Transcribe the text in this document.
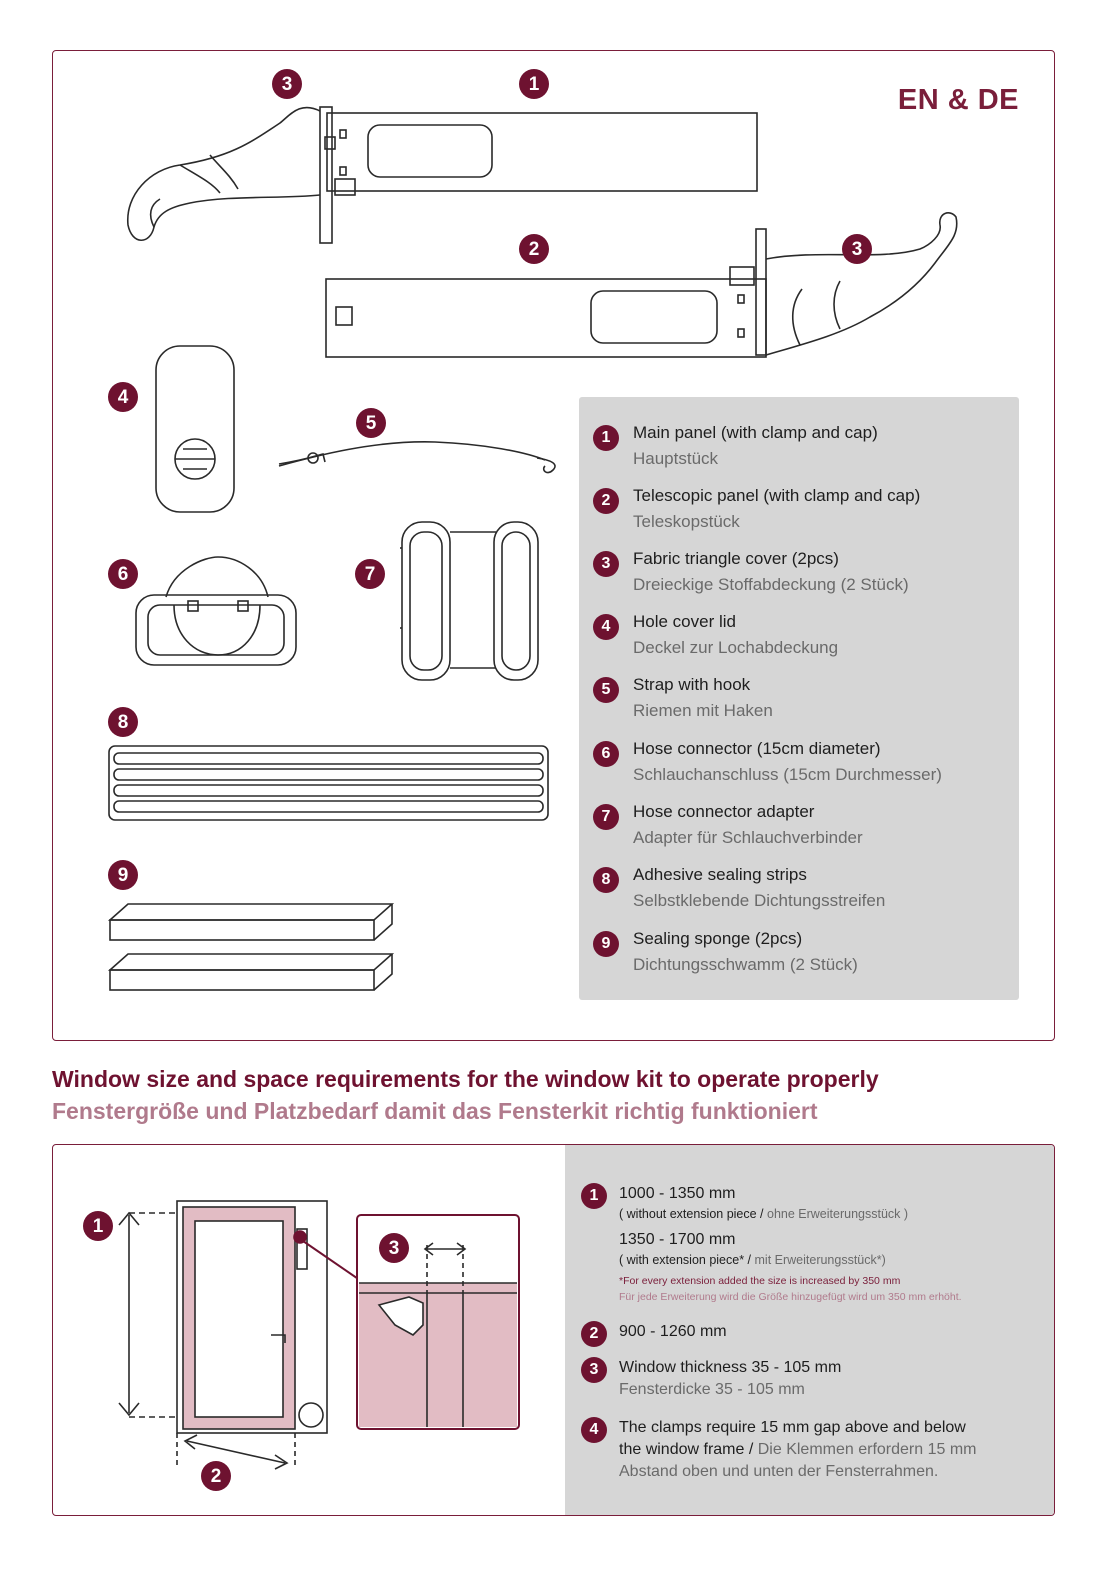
EN & DE
1
3
2	3
4
5
6	7
8
9
1	Main panel (with clamp and cap)
Hauptstück
2	Telescopic panel (with clamp and cap)
Teleskopstück
3	Fabric triangle cover (2pcs)
Dreieckige Stoffabdeckung (2 Stück)
4	Hole cover lid
Deckel zur Lochabdeckung
5	Strap with hook
Riemen mit Haken
6	Hose connector (15cm diameter)
Schlauchanschluss (15cm Durchmesser)
7	Hose connector adapter
Adapter für Schlauchverbinder
8	Adhesive sealing strips
Selbstklebende Dichtungsstreifen
9	Sealing sponge (2pcs)
Dichtungsschwamm (2 Stück)
Window size and space requirements for the window kit to operate properly
Fenstergröße und Platzbedarf damit das Fensterkit richtig funktioniert
1
2
3
1	1000 - 1350 mm
( without extension piece / ohne Erweiterungsstück )
1350 - 1700 mm
( with extension piece* / mit Erweiterungsstück*)
*For every extension added the size is increased by 350 mm
Für jede Erweiterung wird die Größe hinzugefügt wird um 350 mm erhöht.
2	900 - 1260 mm
3	Window thickness 35 - 105 mm
Fensterdicke 35 - 105 mm
4	The clamps require 15 mm gap above and below
the window frame / Die Klemmen erfordern 15 mm
Abstand oben und unten der Fensterrahmen.
